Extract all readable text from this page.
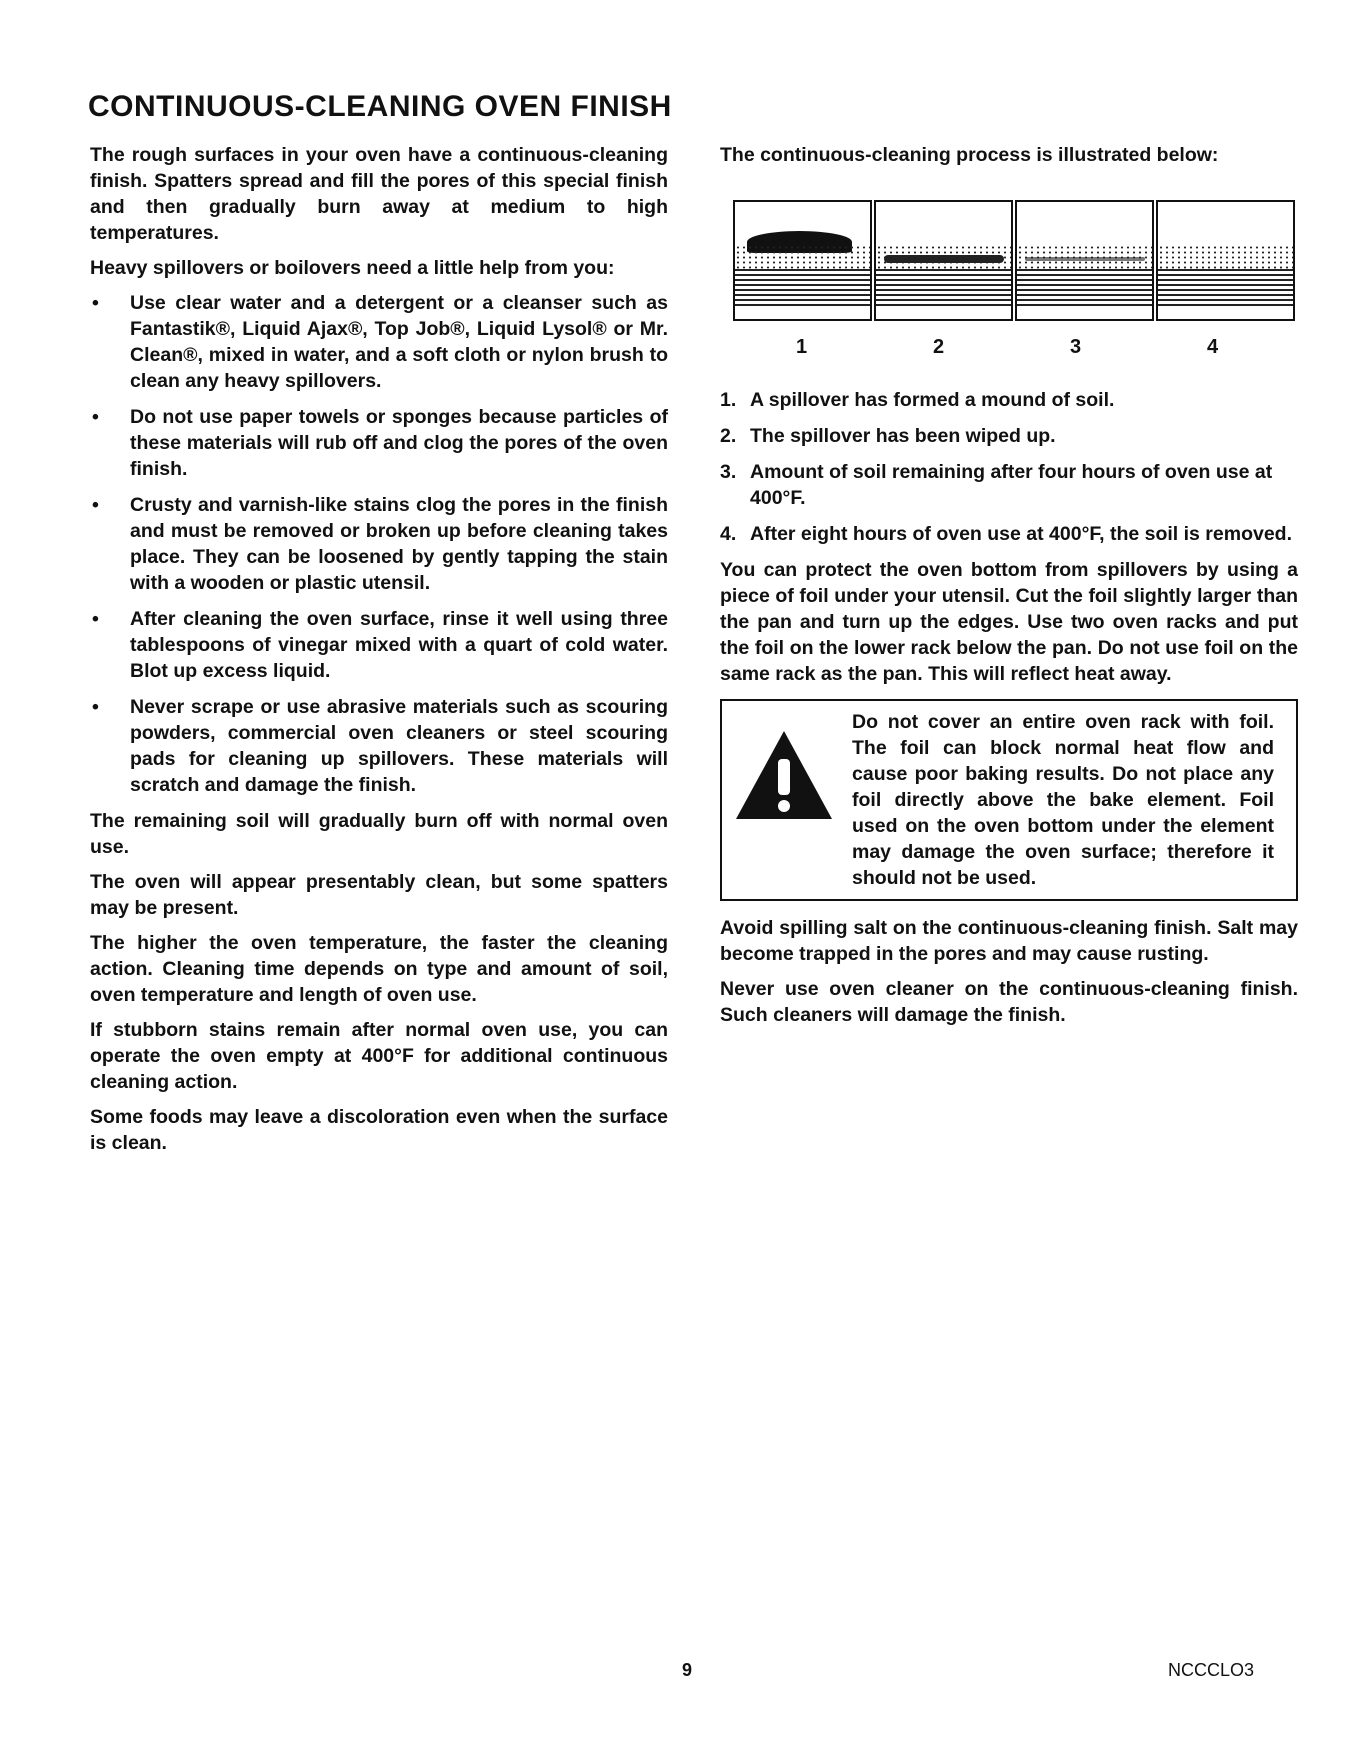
CONTINUOUS-CLEANING OVEN FINISH

The rough surfaces in your oven have a continuous-cleaning finish. Spatters spread and fill the pores of this special finish and then gradually burn away at medium to high temperatures.

Heavy spillovers or boilovers need a little help from you:

• Use clear water and a detergent or a cleanser such as Fantastik®, Liquid Ajax®, Top Job®, Liquid Lysol® or Mr. Clean®, mixed in water, and a soft cloth or nylon brush to clean any heavy spillovers.
• Do not use paper towels or sponges because particles of these materials will rub off and clog the pores of the oven finish.
• Crusty and varnish-like stains clog the pores in the finish and must be removed or broken up before cleaning takes place. They can be loosened by gently tapping the stain with a wooden or plastic utensil.
• After cleaning the oven surface, rinse it well using three tablespoons of vinegar mixed with a quart of cold water. Blot up excess liquid.
• Never scrape or use abrasive materials such as scouring powders, commercial oven cleaners or steel scouring pads for cleaning up spillovers. These materials will scratch and damage the finish.

The remaining soil will gradually burn off with normal oven use.

The oven will appear presentably clean, but some spatters may be present.

The higher the oven temperature, the faster the cleaning action. Cleaning time depends on type and amount of soil, oven temperature and length of oven use.

If stubborn stains remain after normal oven use, you can operate the oven empty at 400°F for additional continuous cleaning action.

Some foods may leave a discoloration even when the surface is clean.

The continuous-cleaning process is illustrated below:

1	2	3	4
1. A spillover has formed a mound of soil.
2. The spillover has been wiped up.
3. Amount of soil remaining after four hours of oven use at 400°F.
4. After eight hours of oven use at 400°F, the soil is removed.

You can protect the oven bottom from spillovers by using a piece of foil under your utensil. Cut the foil slightly larger than the pan and turn up the edges. Use two oven racks and put the foil on the lower rack below the pan. Do not use foil on the same rack as the pan. This will reflect heat away.

Do not cover an entire oven rack with foil. The foil can block normal heat flow and cause poor baking results. Do not place any foil directly above the bake element. Foil used on the oven bottom under the element may damage the oven surface; therefore it should not be used.

Avoid spilling salt on the continuous-cleaning finish. Salt may become trapped in the pores and may cause rusting.

Never use oven cleaner on the continuous-cleaning finish. Such cleaners will damage the finish.

9	NCCCLO3
